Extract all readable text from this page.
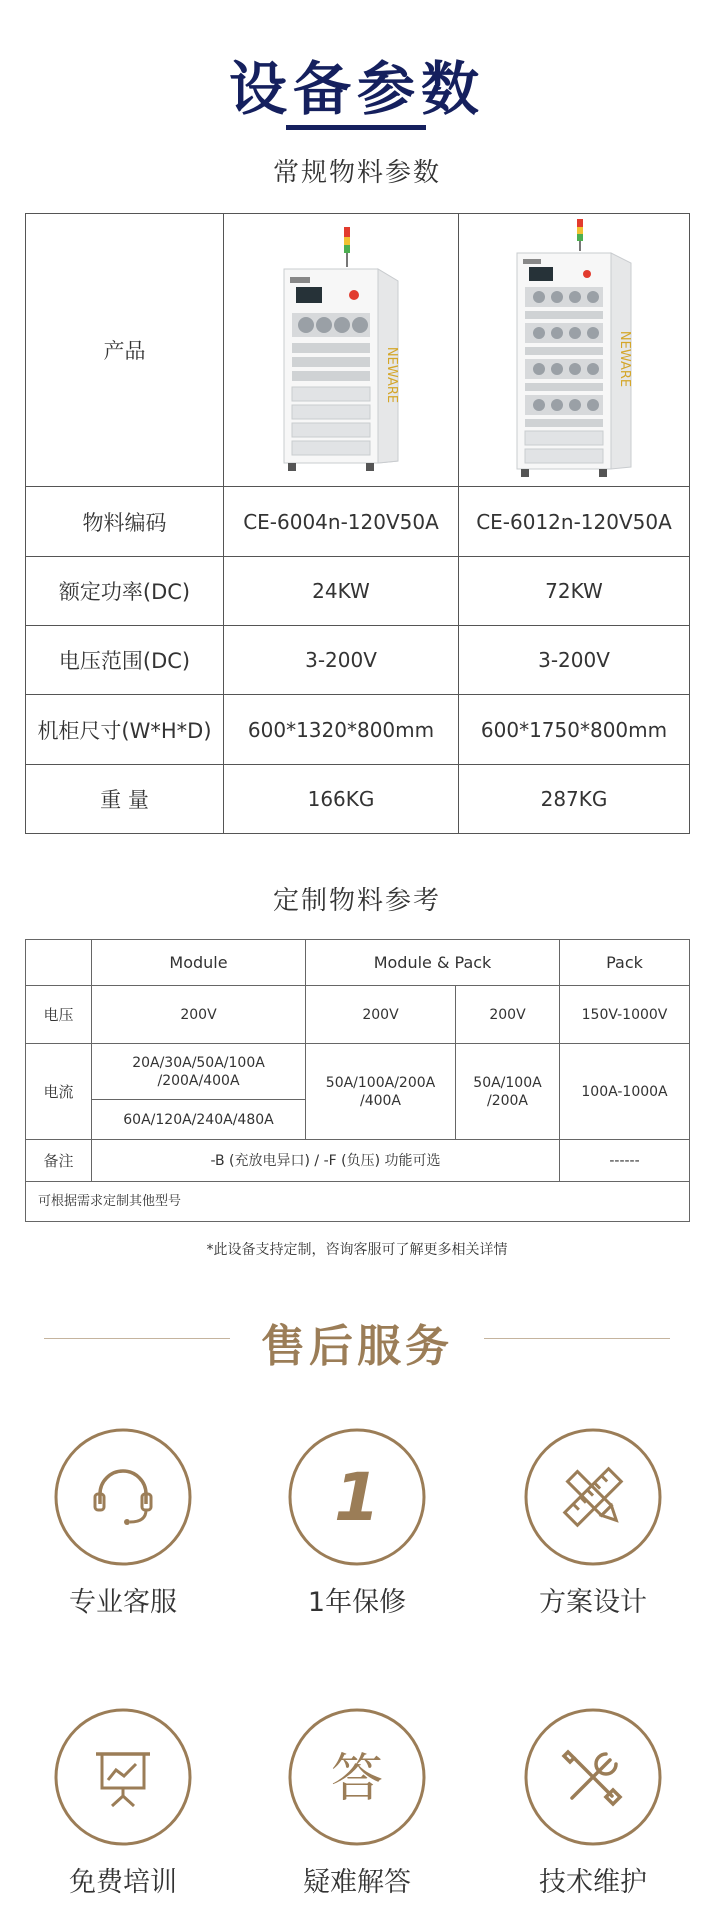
设备参数
常规物料参数
产品	NEWARE	NEWARE

物料编码	CE-6004n-120V50A	CE-6012n-120V50A
额定功率(DC)	24KW	72KW
电压范围(DC)	3-200V	3-200V
机柜尺寸(W*H*D)	600*1320*800mm	600*1750*800mm
重 量	166KG	287KG
定制物料参考
	Module	Module & Pack		Pack
电压	200V	200V	200V	150V-1000V
电流	20A/30A/50A/100A /200A/400A	50A/100A/200A /400A	50A/100A /200A	100A-1000A
	60A/120A/240A/480A			
备注	-B (充放电异口) / -F (负压) 功能可选			------
可根据需求定制其他型号				
*此设备支持定制，咨询客服可了解更多相关详情
售后服务
专业客服
1
1年保修	方案设计
免费培训
答
疑难解答	技术维护
